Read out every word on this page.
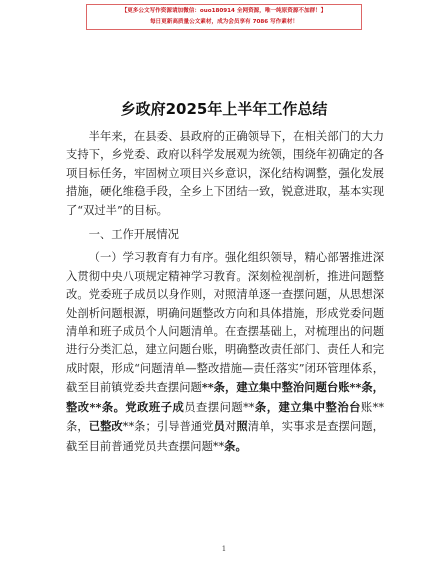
【更多公文写作资源请加微信：ouo180914 全网资源，唯一纯原资源不加群！】
每日更新高质量公文素材，成为会员享有 7086 写作素材！
乡政府2025年上半年工作总结

半年来，在县委、县政府的正确领导下，在相关部门的大力支持下，乡党委、政府以科学发展观为统领，围绕年初确定的各项目标任务，牢固树立项目兴乡意识，深化结构调整，强化发展措施，硬化维稳手段，全乡上下团结一致，锐意进取，基本实现了“双过半”的目标。

一、工作开展情况

（一）学习教育有力有序。强化组织领导，精心部署推进深入贯彻中央八项规定精神学习教育。深刻检视剖析，推进问题整改。党委班子成员以身作则，对照清单逐一查摆问题，从思想深处剖析问题根源，明确问题整改方向和具体措施，形成党委问题清单和班子成员个人问题清单。在查摆基础上，对梳理出的问题进行分类汇总，建立问题台账，明确整改责任部门、责任人和完成时限，形成“问题清单—整改措施—责任落实”闭环管理体系，截至目前镇党委共查摆问题**条，建立集中整治问题台账**条，整改**条。党政班子成员查摆问题**条，建立集中整治台账**条，已整改**条；引导普通党员对照清单，实事求是查摆问题，截至目前普通党员共查摆问题**条。

1
